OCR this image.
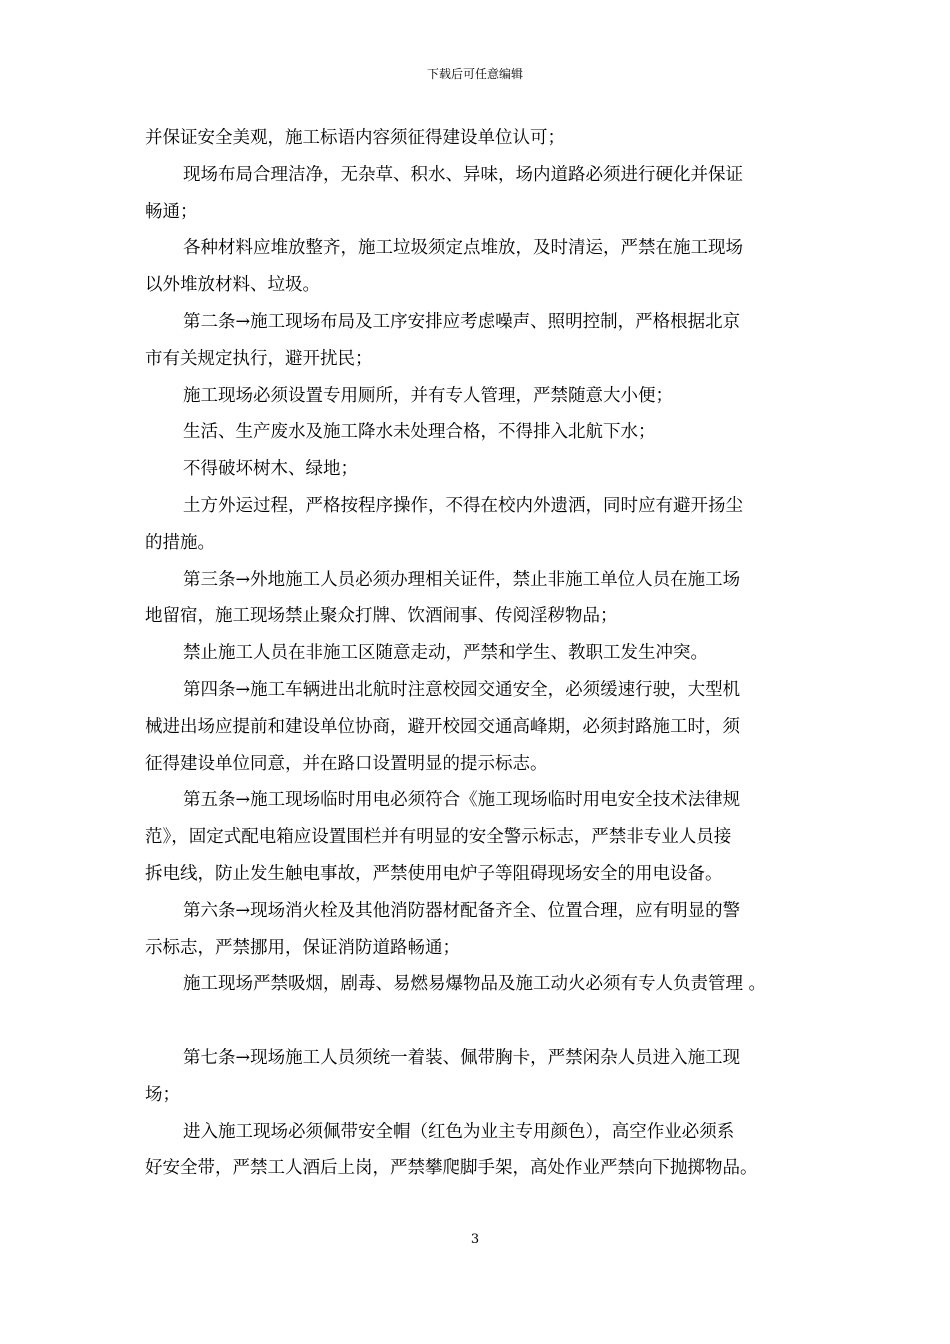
下载后可任意编辑
并保证安全美观，施工标语内容须征得建设单位认可；
现场布局合理洁净，无杂草、积水、异味，场内道路必须进行硬化并保证
畅通；
各种材料应堆放整齐，施工垃圾须定点堆放，及时清运，严禁在施工现场
以外堆放材料、垃圾。
第二条→施工现场布局及工序安排应考虑噪声、照明控制，严格根据北京
市有关规定执行，避开扰民；
施工现场必须设置专用厕所，并有专人管理，严禁随意大小便；
生活、生产废水及施工降水未处理合格，不得排入北航下水；
不得破坏树木、绿地；
土方外运过程，严格按程序操作，不得在校内外遗洒，同时应有避开扬尘
的措施。
第三条→外地施工人员必须办理相关证件，禁止非施工单位人员在施工场
地留宿，施工现场禁止聚众打牌、饮酒闹事、传阅淫秽物品；
禁止施工人员在非施工区随意走动，严禁和学生、教职工发生冲突。
第四条→施工车辆进出北航时注意校园交通安全，必须缓速行驶，大型机
械进出场应提前和建设单位协商，避开校园交通高峰期，必须封路施工时，须
征得建设单位同意，并在路口设置明显的提示标志。
第五条→施工现场临时用电必须符合《施工现场临时用电安全技术法律规
范》，固定式配电箱应设置围栏并有明显的安全警示标志，严禁非专业人员接
拆电线，防止发生触电事故，严禁使用电炉子等阻碍现场安全的用电设备。
第六条→现场消火栓及其他消防器材配备齐全、位置合理，应有明显的警
示标志，严禁挪用，保证消防道路畅通；
施工现场严禁吸烟，剧毒、易燃易爆物品及施工动火必须有专人负责管理 。
第七条→现场施工人员须统一着装、佩带胸卡，严禁闲杂人员进入施工现
场；
进入施工现场必须佩带安全帽（红色为业主专用颜色），高空作业必须系
好安全带，严禁工人酒后上岗，严禁攀爬脚手架，高处作业严禁向下抛掷物品。
3
